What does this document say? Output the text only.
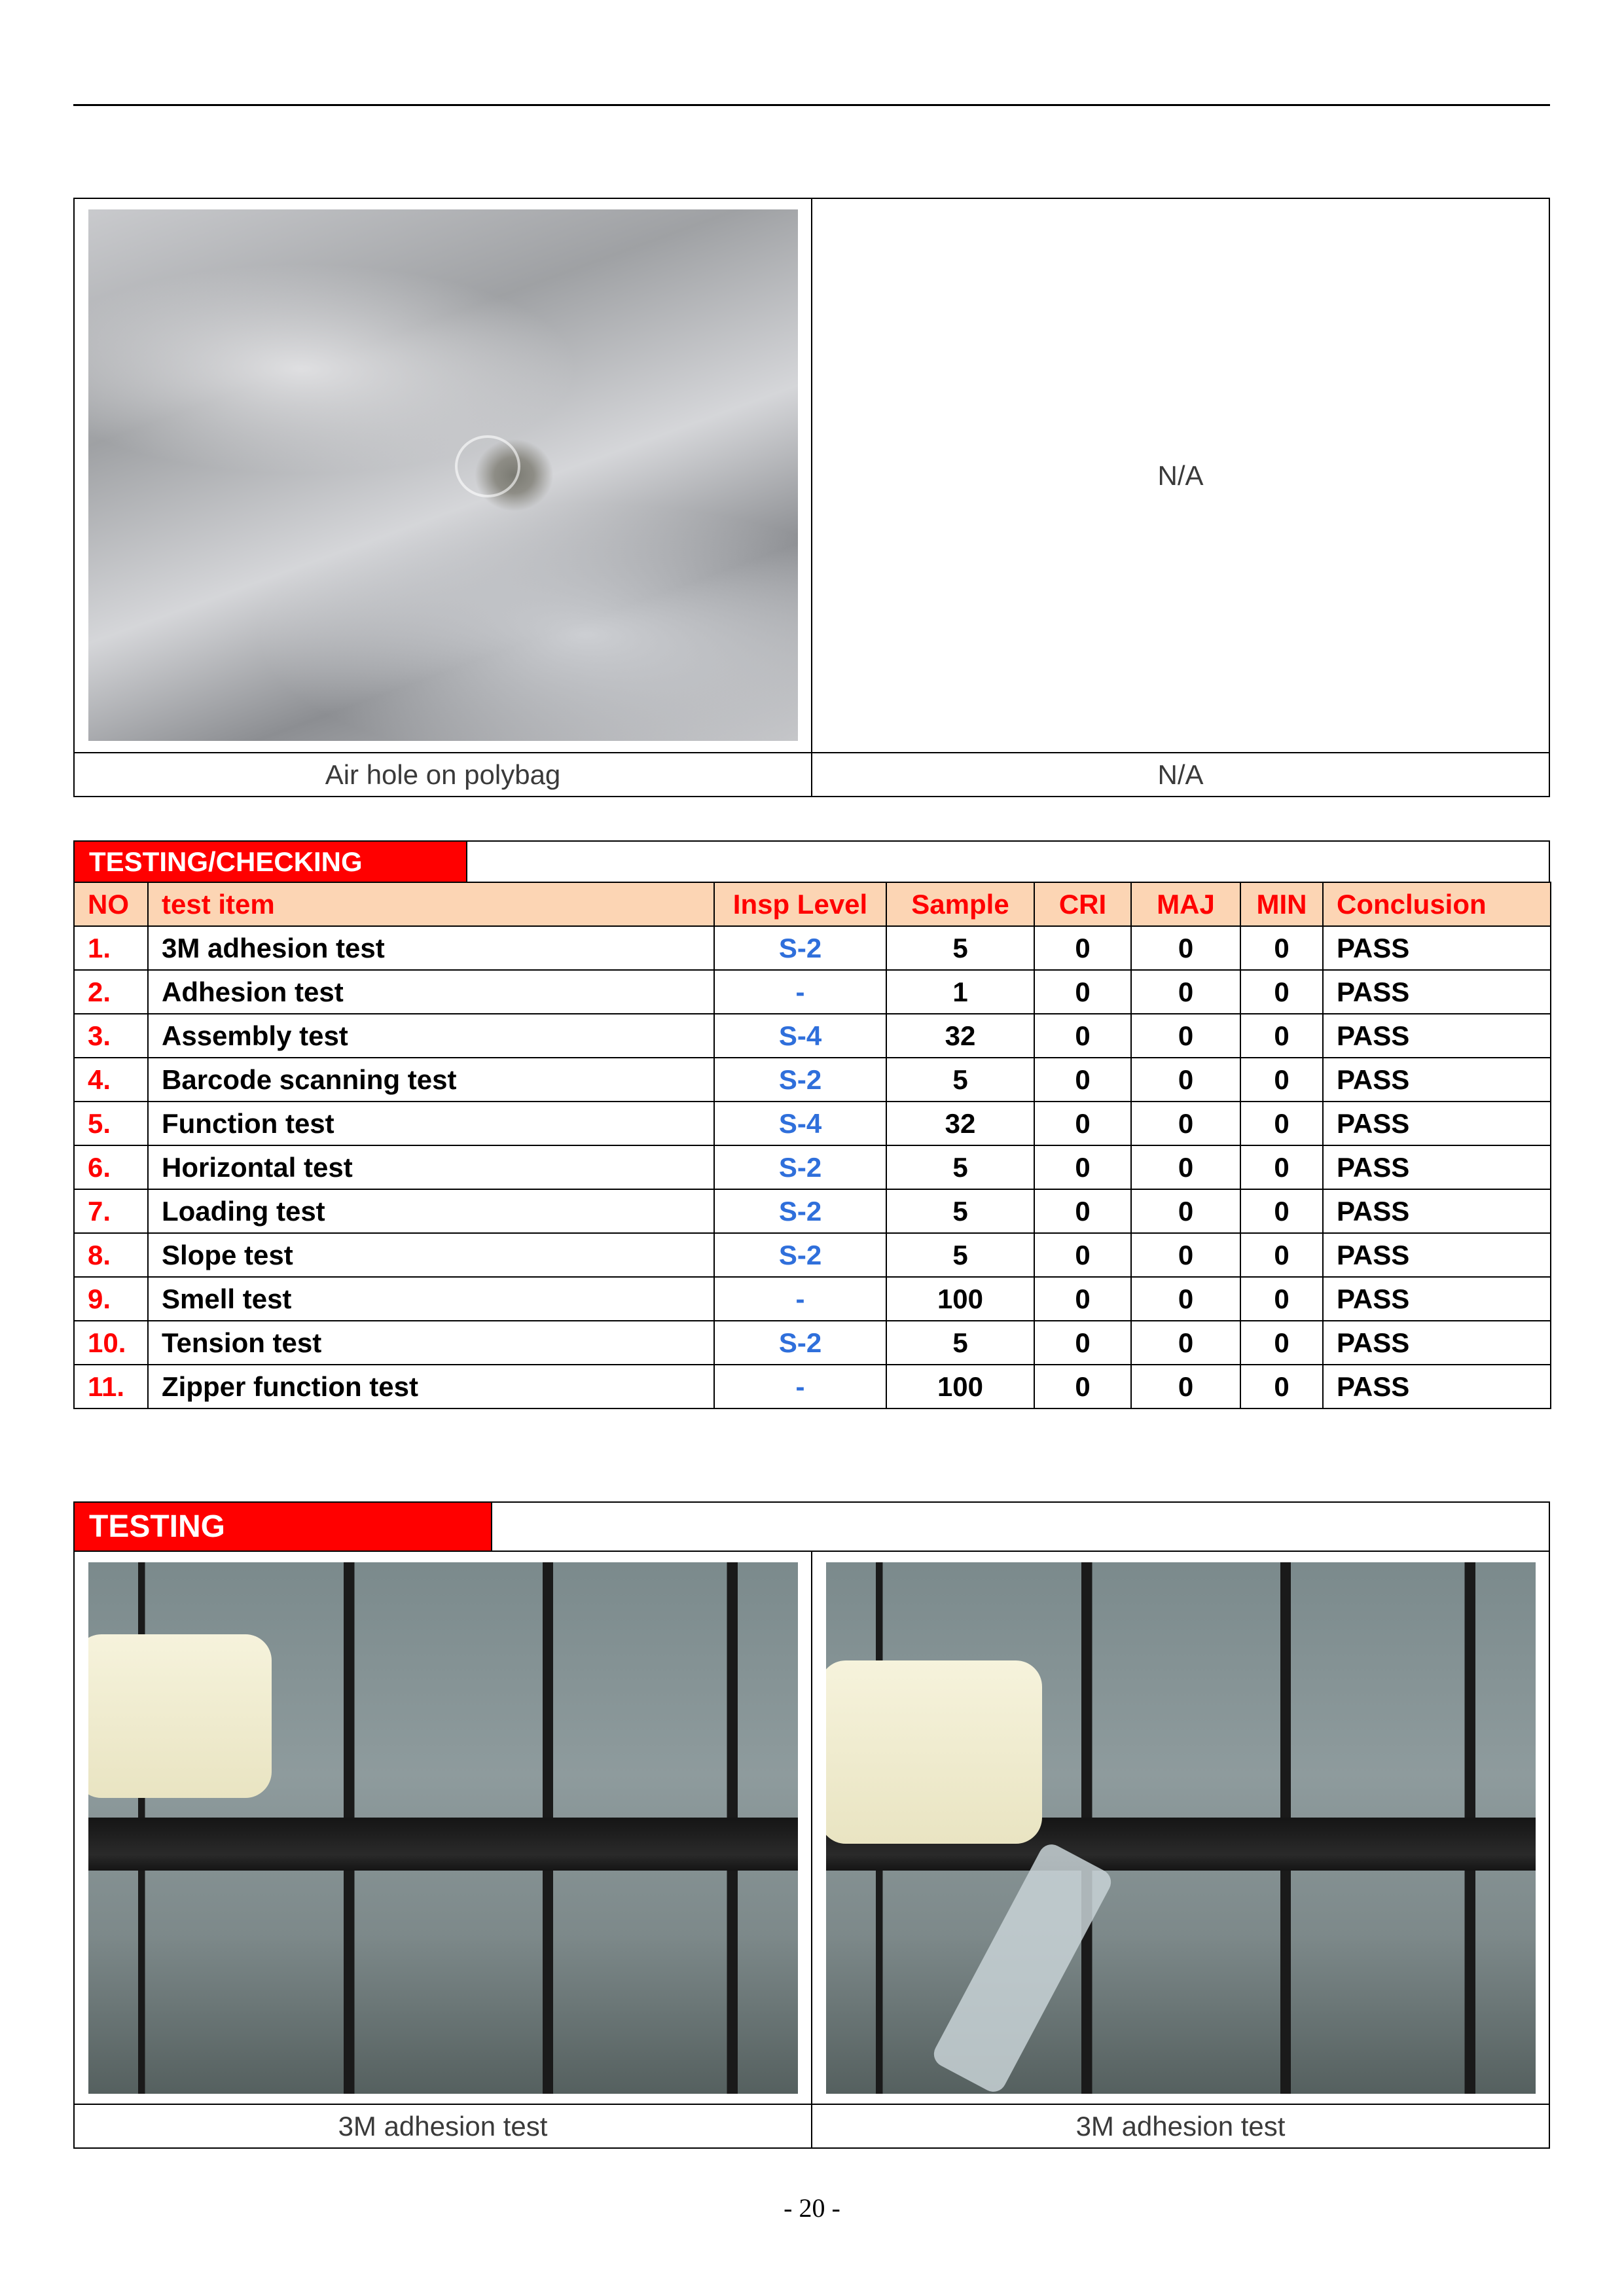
N/A
Air hole on polybag	N/A
TESTING/CHECKING
NO	test item	Insp Level	Sample	CRI	MAJ	MIN	Conclusion
1.	3M adhesion test	S-2	5	0	0	0	PASS
2.	Adhesion test	-	1	0	0	0	PASS
3.	Assembly test	S-4	32	0	0	0	PASS
4.	Barcode scanning test	S-2	5	0	0	0	PASS
5.	Function test	S-4	32	0	0	0	PASS
6.	Horizontal test	S-2	5	0	0	0	PASS
7.	Loading test	S-2	5	0	0	0	PASS
8.	Slope test	S-2	5	0	0	0	PASS
9.	Smell test	-	100	0	0	0	PASS
10.	Tension test	S-2	5	0	0	0	PASS
11.	Zipper function test	-	100	0	0	0	PASS
TESTING
3M adhesion test	3M adhesion test
- 20 -
